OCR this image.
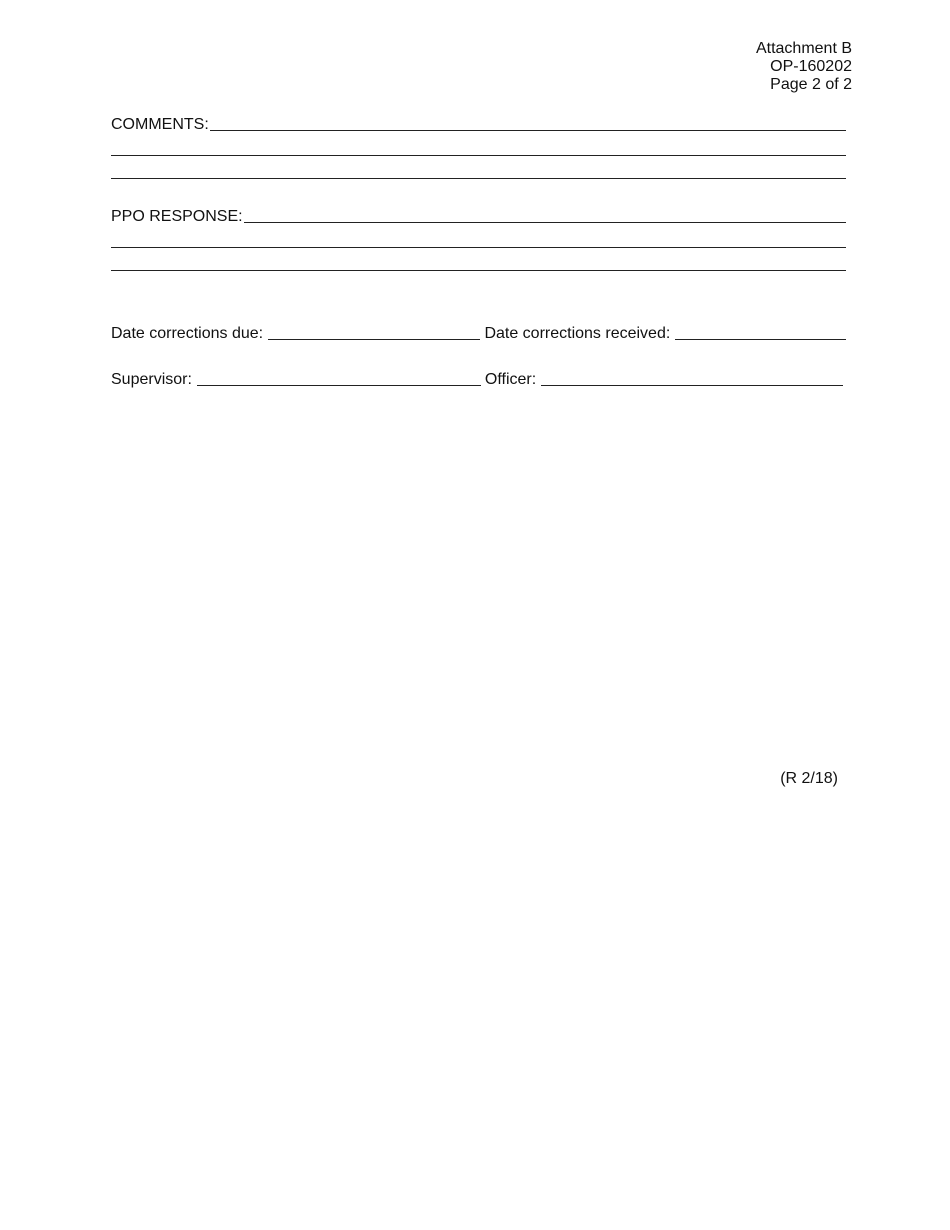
Attachment B
OP-160202
Page 2 of 2
COMMENTS:
PPO RESPONSE:
Date corrections due:	Date corrections received:
Supervisor:	Officer:
(R 2/18)
